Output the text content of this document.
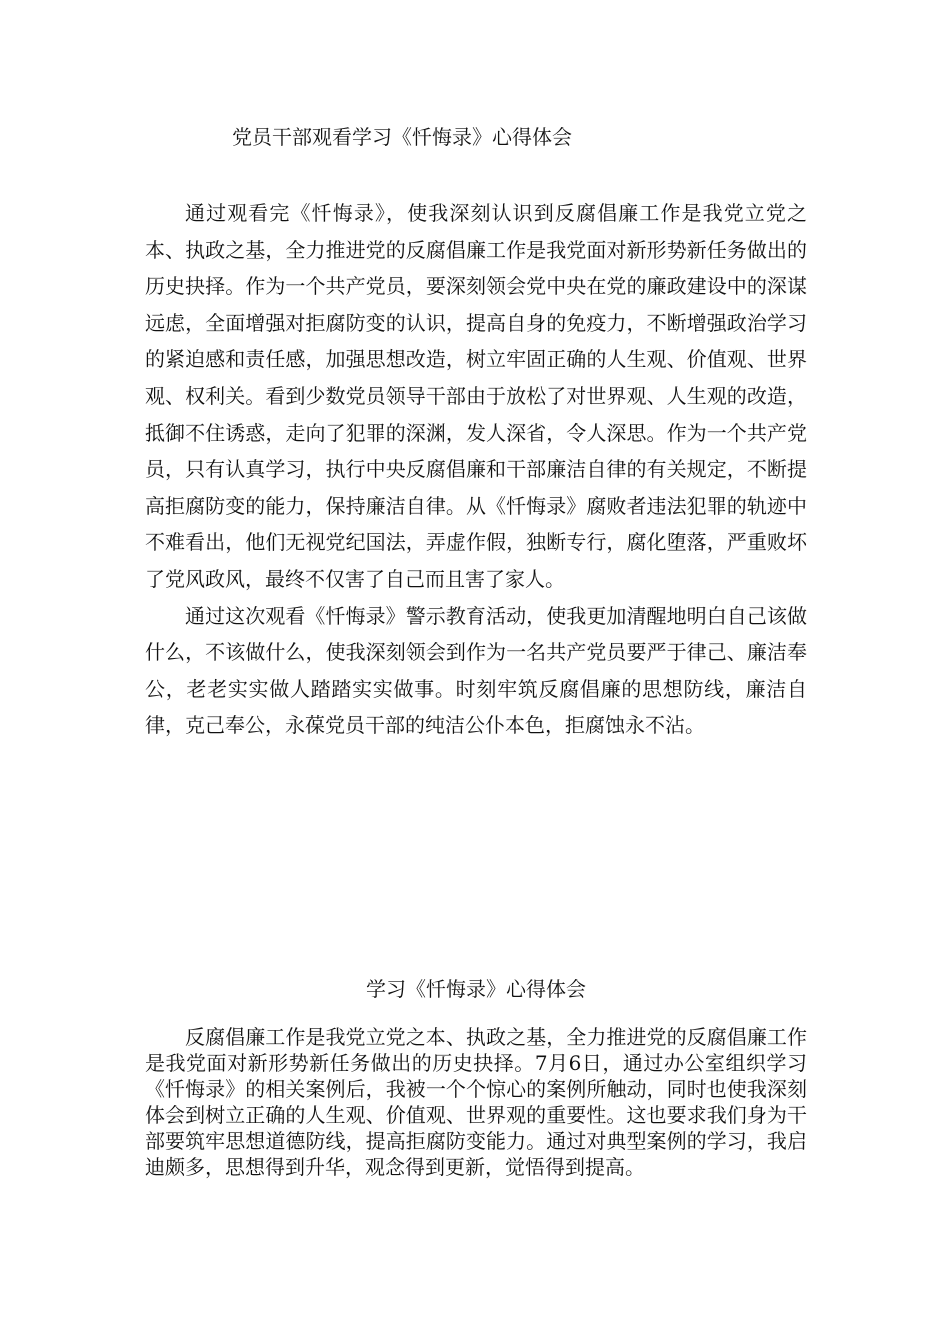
党员干部观看学习《忏悔录》心得体会

通过观看完《忏悔录》，使我深刻认识到反腐倡廉工作是我党立党之本、执政之基，全力推进党的反腐倡廉工作是我党面对新形势新任务做出的历史抉择。作为一个共产党员，要深刻领会党中央在党的廉政建设中的深谋远虑，全面增强对拒腐防变的认识，提高自身的免疫力，不断增强政治学习的紧迫感和责任感，加强思想改造，树立牢固正确的人生观、价值观、世界观、权利关。看到少数党员领导干部由于放松了对世界观、人生观的改造，抵御不住诱惑，走向了犯罪的深渊，发人深省，令人深思。作为一个共产党员，只有认真学习，执行中央反腐倡廉和干部廉洁自律的有关规定，不断提高拒腐防变的能力，保持廉洁自律。从《忏悔录》腐败者违法犯罪的轨迹中不难看出，他们无视党纪国法，弄虚作假，独断专行，腐化堕落，严重败坏了党风政风，最终不仅害了自己而且害了家人。

通过这次观看《忏悔录》警示教育活动，使我更加清醒地明白自己该做什么，不该做什么，使我深刻领会到作为一名共产党员要严于律己、廉洁奉公，老老实实做人踏踏实实做事。时刻牢筑反腐倡廉的思想防线，廉洁自律，克己奉公，永葆党员干部的纯洁公仆本色，拒腐蚀永不沾。

学习《忏悔录》心得体会

反腐倡廉工作是我党立党之本、执政之基，全力推进党的反腐倡廉工作是我党面对新形势新任务做出的历史抉择。7月6日，通过办公室组织学习《忏悔录》的相关案例后，我被一个个惊心的案例所触动，同时也使我深刻体会到树立正确的人生观、价值观、世界观的重要性。这也要求我们身为干部要筑牢思想道德防线，提高拒腐防变能力。通过对典型案例的学习，我启迪颇多，思想得到升华，观念得到更新，觉悟得到提高。
